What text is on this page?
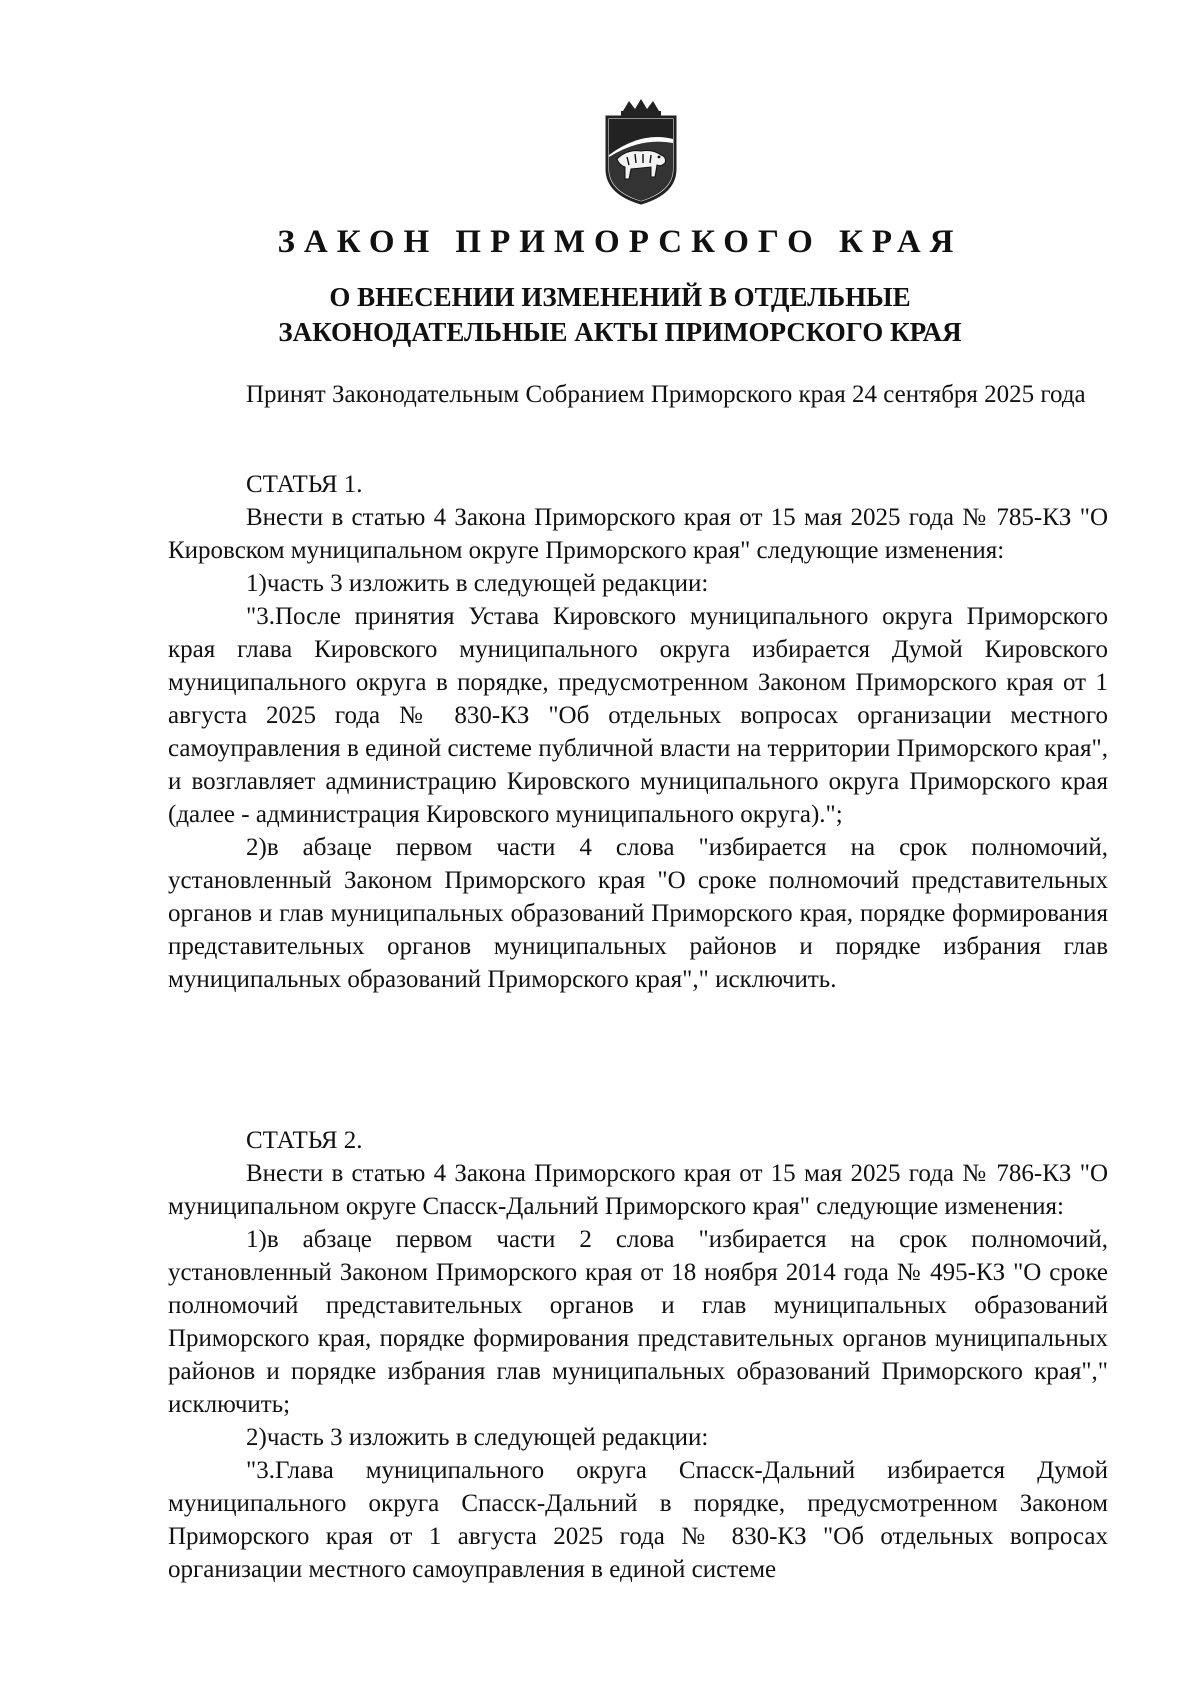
ЗАКОН ПРИМОРСКОГО КРАЯ
О ВНЕСЕНИИ ИЗМЕНЕНИЙ В ОТДЕЛЬНЫЕ
ЗАКОНОДАТЕЛЬНЫЕ АКТЫ ПРИМОРСКОГО КРАЯ

Принят Законодательным Собранием Приморского края 24 сентября 2025 года

СТАТЬЯ 1.

Внести в статью 4 Закона Приморского края от 15 мая 2025 года № 785-КЗ "О Кировском муниципальном округе Приморского края" следующие изменения:

1)часть 3 изложить в следующей редакции:

"3.После принятия Устава Кировского муниципального округа Приморского края глава Кировского муниципального округа избирается Думой Кировского муниципального округа в порядке, предусмотренном Законом Приморского края от 1 августа 2025 года № 830-КЗ "Об отдельных вопросах организации местного самоуправления в единой системе публичной власти на территории Приморского края", и возглавляет администрацию Кировского муниципального округа Приморского края (далее - администрация Кировского муниципального округа).";

2)в абзаце первом части 4 слова "избирается на срок полномочий, установленный Законом Приморского края "О сроке полномочий представительных органов и глав муниципальных образований Приморского края, порядке формирования представительных органов муниципальных районов и порядке избрания глав муниципальных образований Приморского края"," исключить.

СТАТЬЯ 2.

Внести в статью 4 Закона Приморского края от 15 мая 2025 года № 786-КЗ "О муниципальном округе Спасск-Дальний Приморского края" следующие изменения:

1)в абзаце первом части 2 слова "избирается на срок полномочий, установленный Законом Приморского края от 18 ноября 2014 года № 495-КЗ "О сроке полномочий представительных органов и глав муниципальных образований Приморского края, порядке формирования представительных органов муниципальных районов и порядке избрания глав муниципальных образований Приморского края"," исключить;

2)часть 3 изложить в следующей редакции:

"3.Глава муниципального округа Спасск-Дальний избирается Думой муниципального округа Спасск-Дальний в порядке, предусмотренном Законом Приморского края от 1 августа 2025 года № 830-КЗ "Об отдельных вопросах организации местного самоуправления в единой системе
